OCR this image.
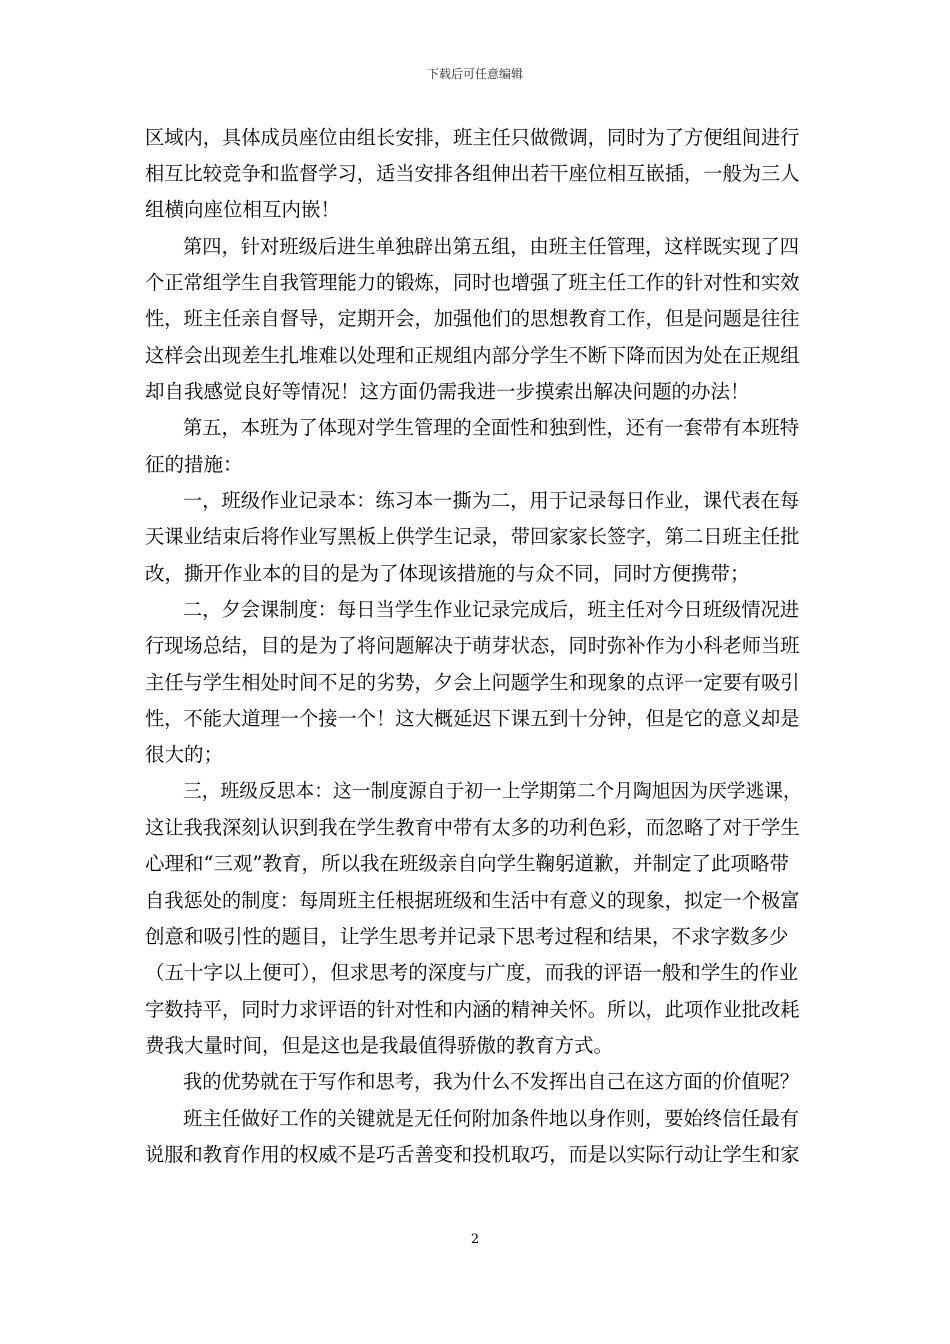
下载后可任意编辑
区域内，具体成员座位由组长安排，班主任只做微调，同时为了方便组间进行
相互比较竞争和监督学习，适当安排各组伸出若干座位相互嵌插，一般为三人
组横向座位相互内嵌！
第四，针对班级后进生单独辟出第五组，由班主任管理，这样既实现了四
个正常组学生自我管理能力的锻炼，同时也增强了班主任工作的针对性和实效
性，班主任亲自督导，定期开会，加强他们的思想教育工作，但是问题是往往
这样会出现差生扎堆难以处理和正规组内部分学生不断下降而因为处在正规组
却自我感觉良好等情况！这方面仍需我进一步摸索出解决问题的办法！
第五，本班为了体现对学生管理的全面性和独到性，还有一套带有本班特
征的措施：
一，班级作业记录本：练习本一撕为二，用于记录每日作业，课代表在每
天课业结束后将作业写黑板上供学生记录，带回家家长签字，第二日班主任批
改，撕开作业本的目的是为了体现该措施的与众不同，同时方便携带；
二，夕会课制度：每日当学生作业记录完成后，班主任对今日班级情况进
行现场总结，目的是为了将问题解决于萌芽状态，同时弥补作为小科老师当班
主任与学生相处时间不足的劣势，夕会上问题学生和现象的点评一定要有吸引
性，不能大道理一个接一个！这大概延迟下课五到十分钟，但是它的意义却是
很大的；
三，班级反思本：这一制度源自于初一上学期第二个月陶旭因为厌学逃课，
这让我我深刻认识到我在学生教育中带有太多的功利色彩，而忽略了对于学生
心理和“三观”教育，所以我在班级亲自向学生鞠躬道歉，并制定了此项略带
自我惩处的制度：每周班主任根据班级和生活中有意义的现象，拟定一个极富
创意和吸引性的题目，让学生思考并记录下思考过程和结果，不求字数多少
（五十字以上便可），但求思考的深度与广度，而我的评语一般和学生的作业
字数持平，同时力求评语的针对性和内涵的精神关怀。所以，此项作业批改耗
费我大量时间，但是这也是我最值得骄傲的教育方式。
我的优势就在于写作和思考，我为什么不发挥出自己在这方面的价值呢？
班主任做好工作的关键就是无任何附加条件地以身作则，要始终信任最有
说服和教育作用的权威不是巧舌善变和投机取巧，而是以实际行动让学生和家
2
